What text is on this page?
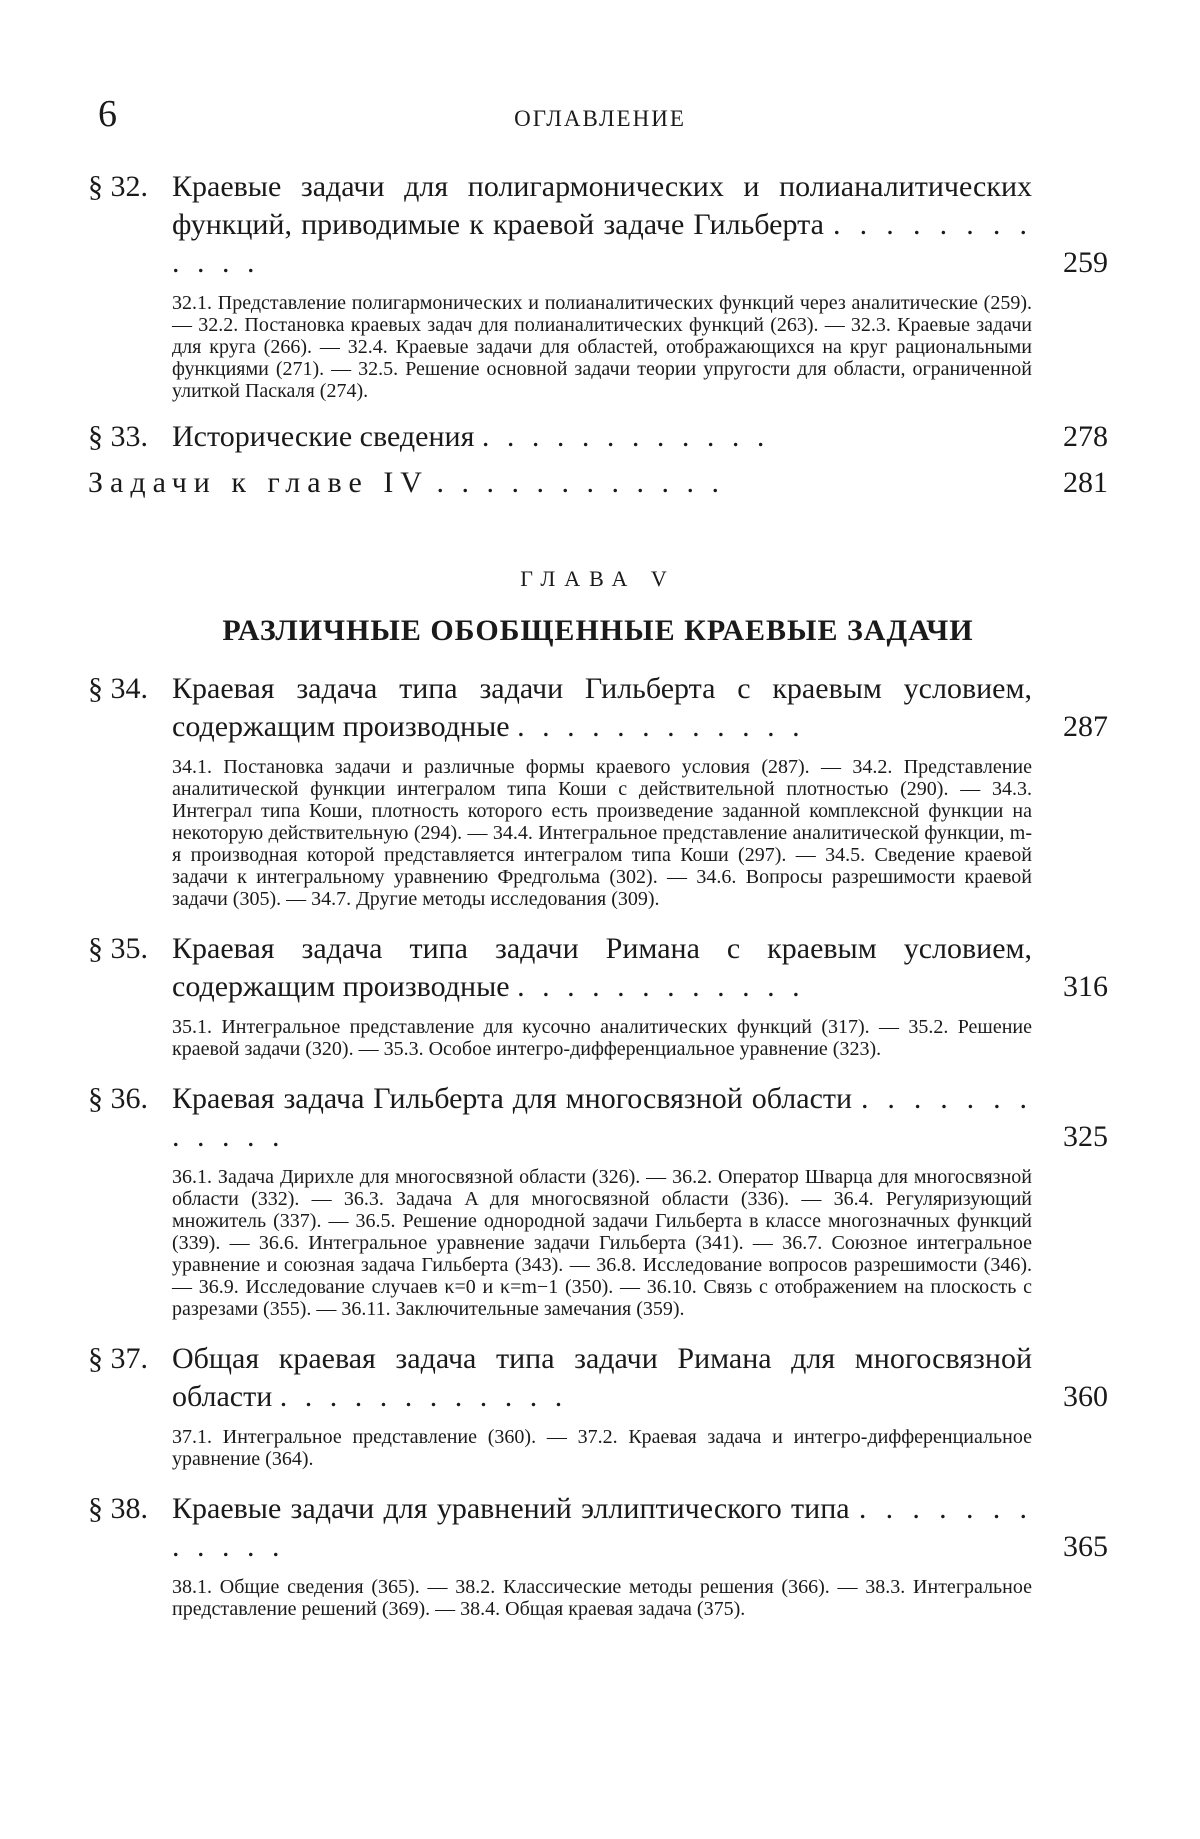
6	ОГЛАВЛЕНИЕ
§ 32. Краевые задачи для полигармонических и полианалитических функций, приводимые к краевой задаче Гильберта . . . . . . . . . . . .	259
32.1. Представление полигармонических и полианалитических функций через аналитические (259). — 32.2. Постановка краевых задач для полианалитических функций (263). — 32.3. Краевые задачи для круга (266). — 32.4. Краевые задачи для областей, отображающихся на круг рациональными функциями (271). — 32.5. Решение основной задачи теории упругости для области, ограниченной улиткой Паскаля (274).
§ 33. Исторические сведения . . . . . . . . . . . .	278
Задачи к главе IV . . . . . . . . . . . .	281
ГЛАВА V
РАЗЛИЧНЫЕ ОБОБЩЕННЫЕ КРАЕВЫЕ ЗАДАЧИ
§ 34. Краевая задача типа задачи Гильберта с краевым условием, содержащим производные . . . . . . . . . . . .	287
34.1. Постановка задачи и различные формы краевого условия (287). — 34.2. Представление аналитической функции интегралом типа Коши с действительной плотностью (290). — 34.3. Интеграл типа Коши, плотность которого есть произведение заданной комплексной функции на некоторую действительную (294). — 34.4. Интегральное представление аналитической функции, m-я производная которой представляется интегралом типа Коши (297). — 34.5. Сведение краевой задачи к интегральному уравнению Фредгольма (302). — 34.6. Вопросы разрешимости краевой задачи (305). — 34.7. Другие методы исследования (309).
§ 35. Краевая задача типа задачи Римана с краевым условием, содержащим производные . . . . . . . . . . . .	316
35.1. Интегральное представление для кусочно аналитических функций (317). — 35.2. Решение краевой задачи (320). — 35.3. Особое интегро-дифференциальное уравнение (323).
§ 36. Краевая задача Гильберта для многосвязной области . . . . . . . . . . . .	325
36.1. Задача Дирихле для многосвязной области (326). — 36.2. Оператор Шварца для многосвязной области (332). — 36.3. Задача A для многосвязной области (336). — 36.4. Регуляризующий множитель (337). — 36.5. Решение однородной задачи Гильберта в классе многозначных функций (339). — 36.6. Интегральное уравнение задачи Гильберта (341). — 36.7. Союзное интегральное уравнение и союзная задача Гильберта (343). — 36.8. Исследование вопросов разрешимости (346). — 36.9. Исследование случаев κ=0 и κ=m−1 (350). — 36.10. Связь с отображением на плоскость с разрезами (355). — 36.11. Заключительные замечания (359).
§ 37. Общая краевая задача типа задачи Римана для многосвязной области . . . . . . . . . . . .	360
37.1. Интегральное представление (360). — 37.2. Краевая задача и интегро-дифференциальное уравнение (364).
§ 38. Краевые задачи для уравнений эллиптического типа . . . . . . . . . . . .	365
38.1. Общие сведения (365). — 38.2. Классические методы решения (366). — 38.3. Интегральное представление решений (369). — 38.4. Общая краевая задача (375).
